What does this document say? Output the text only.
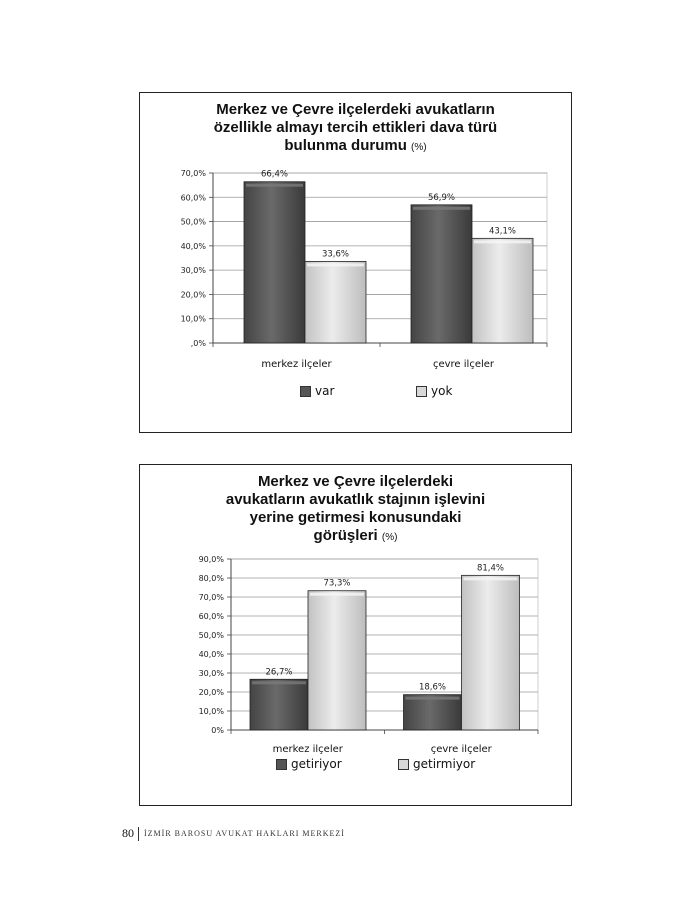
Merkez ve Çevre ilçelerdeki avukatların
özellikle almayı tercih ettikleri dava türü
bulunma durumu (%)
,0%
10,0%
20,0%
30,0%
40,0%
50,0%
60,0%
70,0%	66,4%
33,6%
merkez ilçeler
56,9%
43,1%
çevre ilçeler
var	yok
Merkez ve Çevre ilçelerdeki
avukatların avukatlık stajının işlevini
yerine getirmesi konusundaki
görüşleri (%)
0%
10,0%
20,0%
30,0%
40,0%
50,0%
60,0%
70,0%
80,0%
90,0%
26,7%
73,3%
merkez ilçeler
18,6%
81,4%
çevre ilçeler
getiriyor	getirmiyor
80 İZMİR BAROSU AVUKAT HAKLARI MERKEZİ
